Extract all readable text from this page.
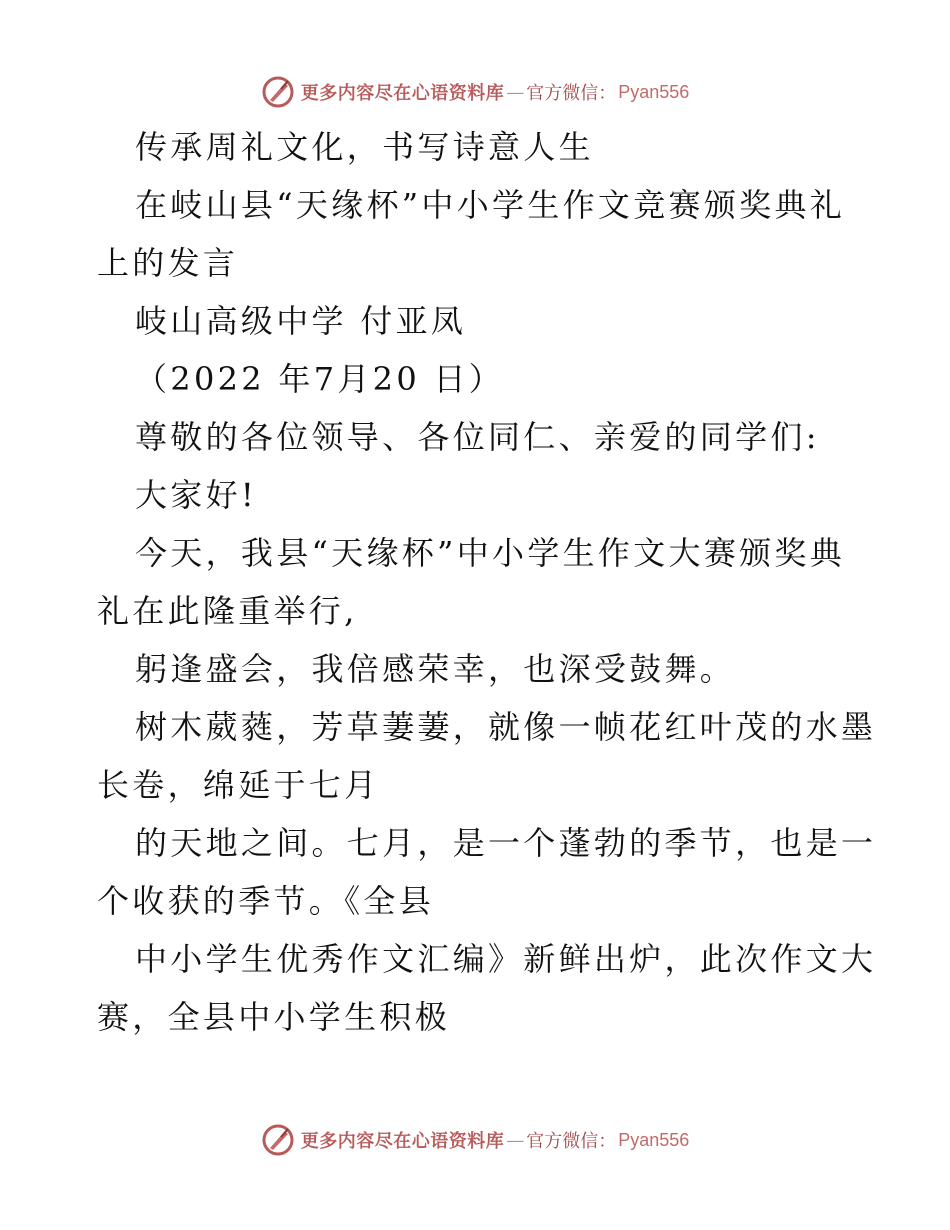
更多内容尽在心语资料库 — 官方微信： Pyan556
传承周礼文化，书写诗意人生
在岐山县“天缘杯”中小学生作文竞赛颁奖典礼
上的发言
岐山高级中学 付亚凤
（2022 年7月20 日）
尊敬的各位领导、各位同仁、亲爱的同学们:
大家好!
今天，我县“天缘杯”中小学生作文大赛颁奖典
礼在此隆重举行,
躬逢盛会，我倍感荣幸，也深受鼓舞。
树木葳蕤，芳草萋萋，就像一帧花红叶茂的水墨
长卷，绵延于七月
的天地之间。七月，是一个蓬勃的季节，也是一
个收获的季节。《全县
中小学生优秀作文汇编》新鲜出炉，此次作文大
赛，全县中小学生积极
更多内容尽在心语资料库 — 官方微信： Pyan556
